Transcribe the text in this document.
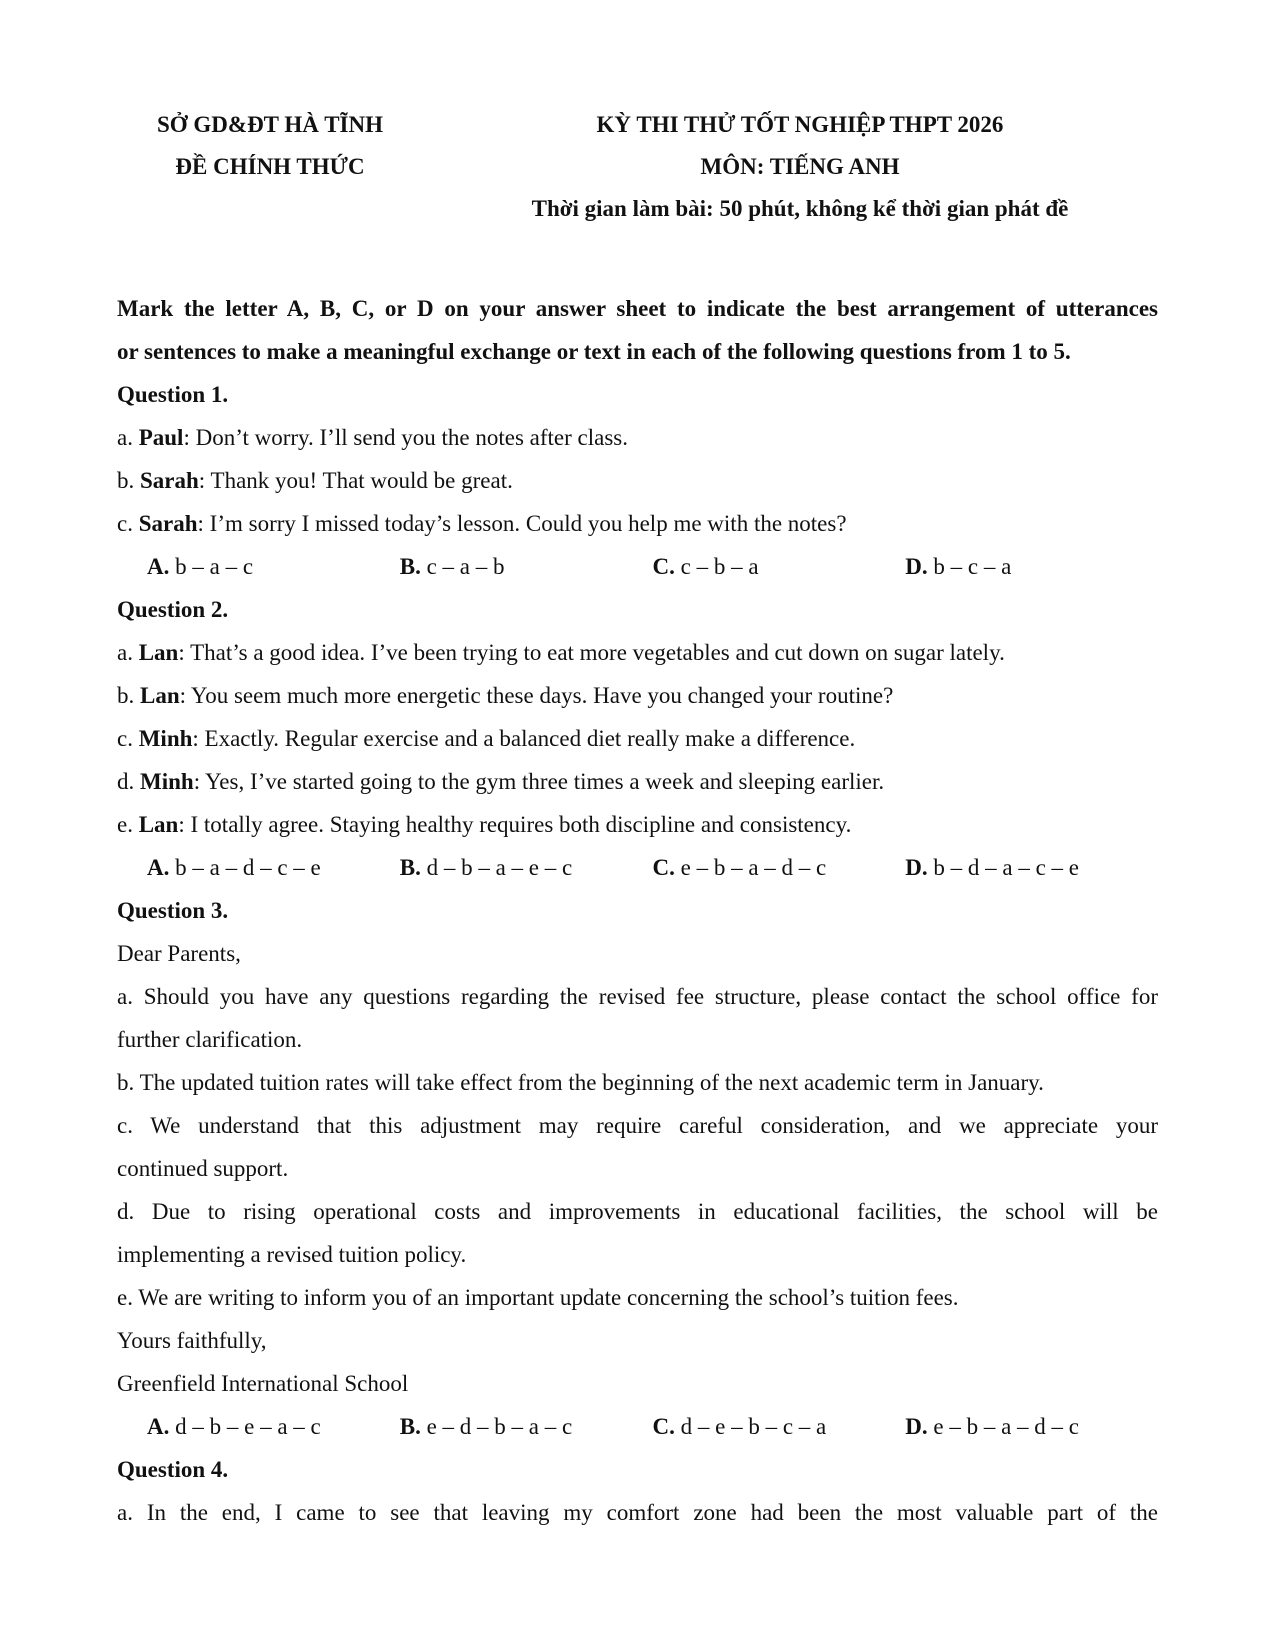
SỞ GD&ĐT HÀ TĨNH
ĐỀ CHÍNH THỨC
KỲ THI THỬ TỐT NGHIỆP THPT 2026
MÔN: TIẾNG ANH
Thời gian làm bài: 50 phút, không kể thời gian phát đề
Mark the letter A, B, C, or D on your answer sheet to indicate the best arrangement of utterances
or sentences to make a meaningful exchange or text in each of the following questions from 1 to 5.
Question 1.
a. Paul: Don’t worry. I’ll send you the notes after class.
b. Sarah: Thank you! That would be great.
c. Sarah: I’m sorry I missed today’s lesson. Could you help me with the notes?
A. b – a – c	B. c – a – b	C. c – b – a	D. b – c – a
Question 2.
a. Lan: That’s a good idea. I’ve been trying to eat more vegetables and cut down on sugar lately.
b. Lan: You seem much more energetic these days. Have you changed your routine?
c. Minh: Exactly. Regular exercise and a balanced diet really make a difference.
d. Minh: Yes, I’ve started going to the gym three times a week and sleeping earlier.
e. Lan: I totally agree. Staying healthy requires both discipline and consistency.
A. b – a – d – c – e	B. d – b – a – e – c	C. e – b – a – d – c	D. b – d – a – c – e
Question 3.
Dear Parents,
a. Should you have any questions regarding the revised fee structure, please contact the school office for
further clarification.
b. The updated tuition rates will take effect from the beginning of the next academic term in January.
c. We understand that this adjustment may require careful consideration, and we appreciate your
continued support.
d. Due to rising operational costs and improvements in educational facilities, the school will be
implementing a revised tuition policy.
e. We are writing to inform you of an important update concerning the school’s tuition fees.
Yours faithfully,
Greenfield International School
A. d – b – e – a – c	B. e – d – b – a – c	C. d – e – b – c – a	D. e – b – a – d – c
Question 4.
a. In the end, I came to see that leaving my comfort zone had been the most valuable part of the
